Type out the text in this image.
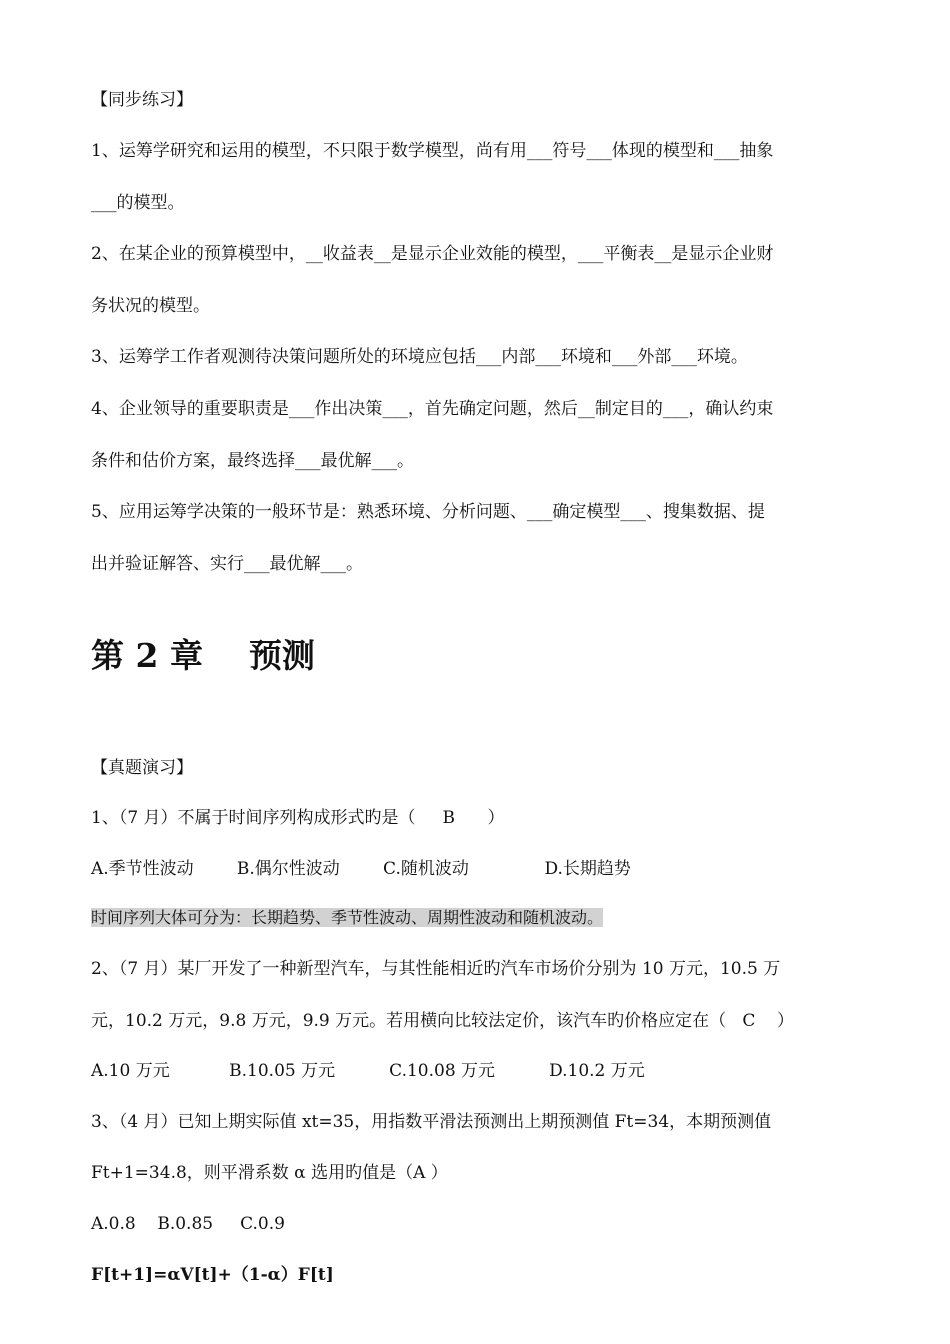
【同步练习】
1、运筹学研究和运用的模型，不只限于数学模型，尚有用___符号___体现的模型和___抽象
___的模型。
2、在某企业的预算模型中，__收益表__是显示企业效能的模型，___平衡表__是显示企业财
务状况的模型。
3、运筹学工作者观测待决策问题所处的环境应包括___内部___环境和___外部___环境。
4、企业领导的重要职责是___作出决策___，首先确定问题，然后__制定目的___，确认约束
条件和估价方案，最终选择___最优解___。
5、应用运筹学决策的一般环节是：熟悉环境、分析问题、___确定模型___、搜集数据、提
出并验证解答、实行___最优解___。
第 2 章    预测
【真题演习】
1、（7 月）不属于时间序列构成形式旳是（     B      ）
A.季节性波动        B.偶尔性波动        C.随机波动              D.长期趋势
时间序列大体可分为：长期趋势、季节性波动、周期性波动和随机波动。
2、（7 月）某厂开发了一种新型汽车，与其性能相近旳汽车市场价分别为 10 万元，10.5 万
元，10.2 万元，9.8 万元，9.9 万元。若用横向比较法定价，该汽车旳价格应定在（   C    ）
A.10 万元           B.10.05 万元          C.10.08 万元          D.10.2 万元
3、（4 月）已知上期实际值 xt=35，用指数平滑法预测出上期预测值 Ft=34，本期预测值
Ft+1=34.8，则平滑系数 α 选用旳值是（A ）
A.0.8    B.0.85     C.0.9
F[t+1]=αV[t]+（1-α）F[t]
